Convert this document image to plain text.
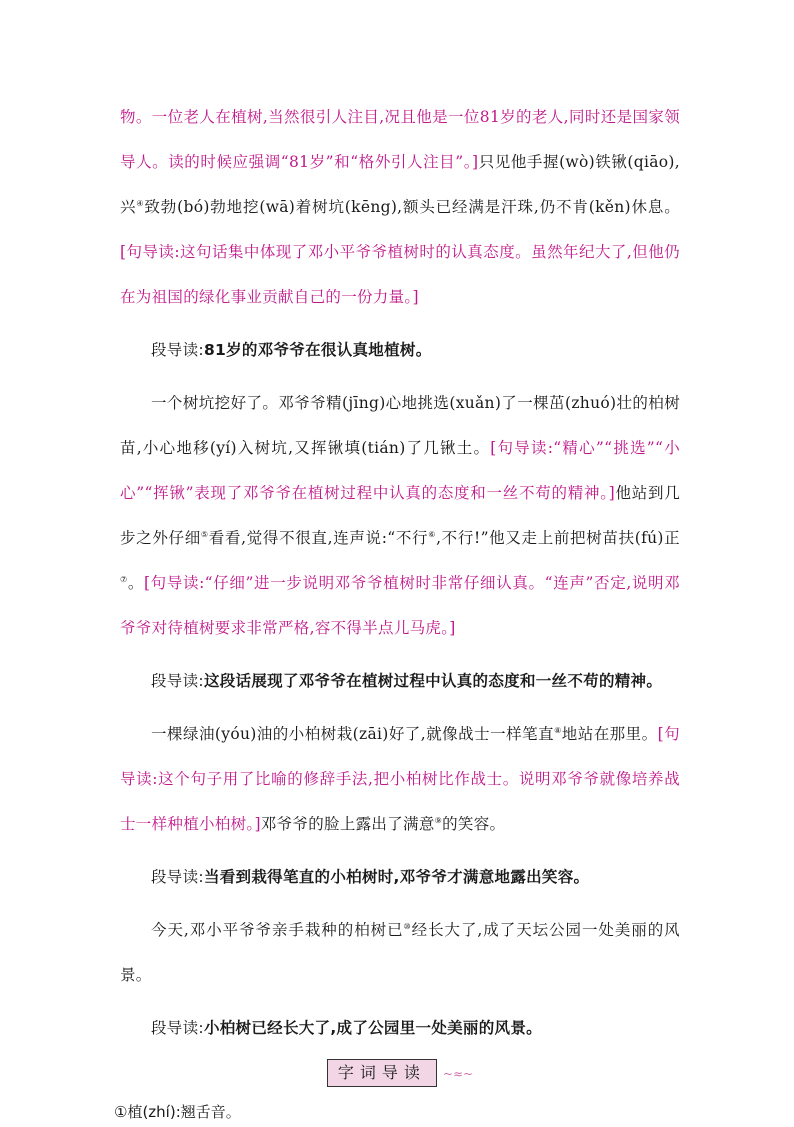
物。一位老人在植树,当然很引人注目,况且他是一位81岁的老人,同时还是国家领导人。读的时候应强调“81岁”和“格外引人注目”。]只见他手握(wò)铁锹(qiāo),兴④致勃(bó)勃地挖(wā)着树坑(kēng),额头已经满是汗珠,仍不肯(kěn)休息。[句导读:这句话集中体现了邓小平爷爷植树时的认真态度。虽然年纪大了,但他仍在为祖国的绿化事业贡献自己的一份力量。]

段导读:81岁的邓爷爷在很认真地植树。

一个树坑挖好了。邓爷爷精(jīng)心地挑选(xuǎn)了一棵茁(zhuó)壮的柏树苗,小心地移(yí)入树坑,又挥锹填(tián)了几锹土。[句导读:“精心”“挑选”“小心”“挥锹”表现了邓爷爷在植树过程中认真的态度和一丝不苟的精神。]他站到几步之外仔细⑤看看,觉得不很直,连声说:“不行⑥,不行!”他又走上前把树苗扶(fú)正⑦。[句导读:“仔细”进一步说明邓爷爷植树时非常仔细认真。“连声”否定,说明邓爷爷对待植树要求非常严格,容不得半点儿马虎。]

段导读:这段话展现了邓爷爷在植树过程中认真的态度和一丝不苟的精神。

一棵绿油(yóu)油的小柏树栽(zāi)好了,就像战士一样笔直⑧地站在那里。[句导读:这个句子用了比喻的修辞手法,把小柏树比作战士。说明邓爷爷就像培养战士一样种植小柏树。]邓爷爷的脸上露出了满意⑨的笑容。

段导读:当看到栽得笔直的小柏树时,邓爷爷才满意地露出笑容。

今天,邓小平爷爷亲手栽种的柏树已⑩经长大了,成了天坛公园一处美丽的风景。

段导读:小柏树已经长大了,成了公园里一处美丽的风景。

字词导读 ~≈~

①植(zhí):翘舌音。
